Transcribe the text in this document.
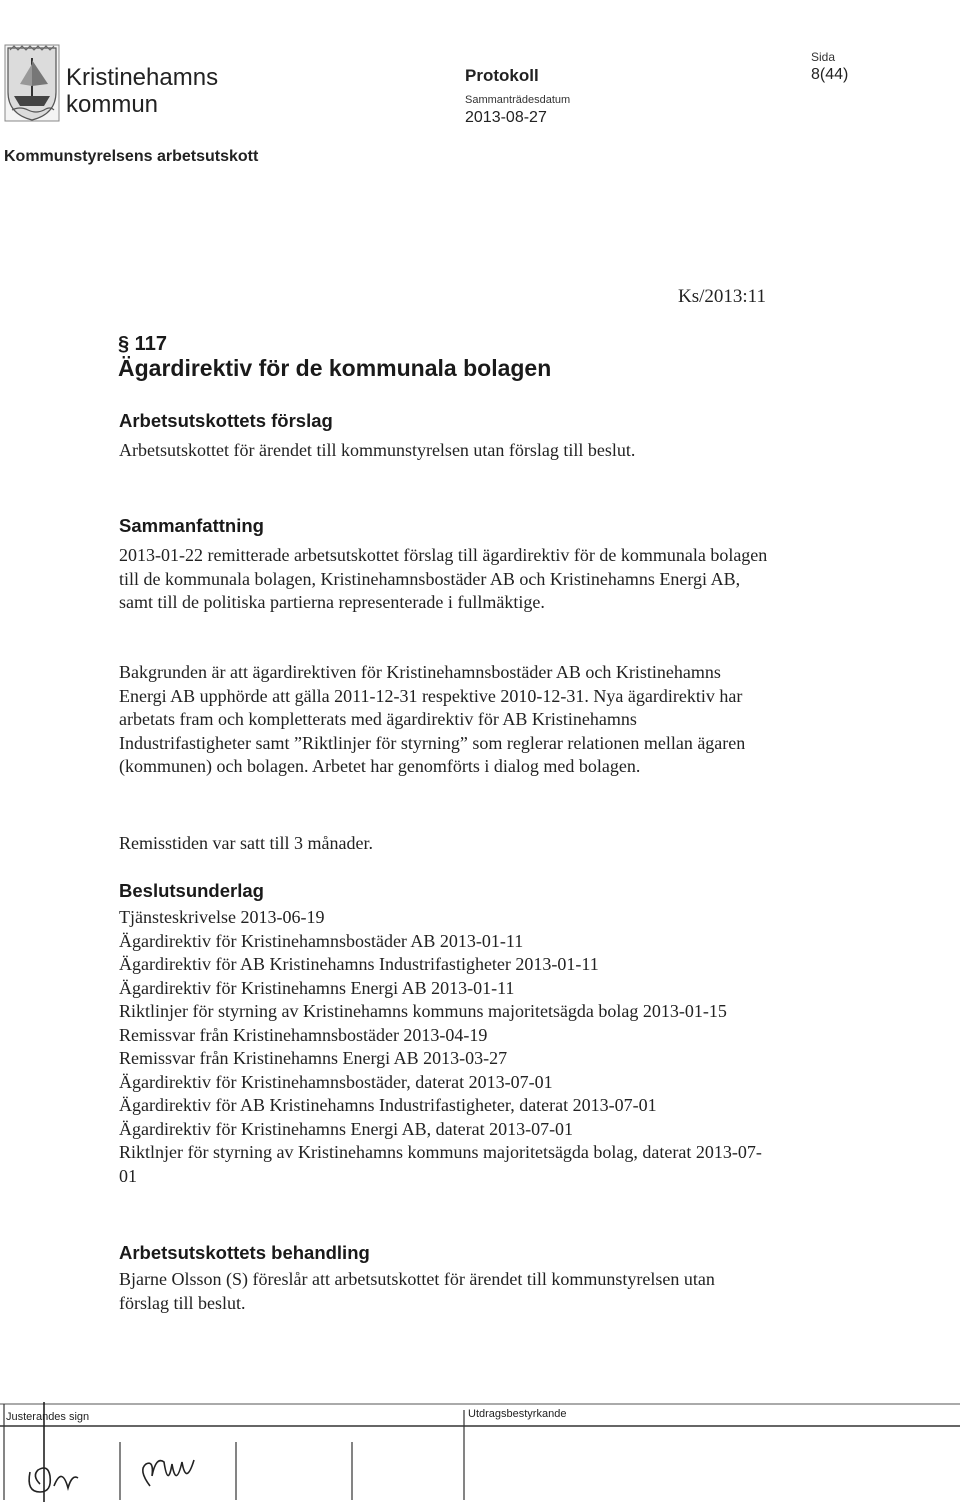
Kristinehamns
kommun
Protokoll
Sammanträdesdatum
2013-08-27
Sida
8(44)
Kommunstyrelsens arbetsutskott
Ks/2013:11
§ 117
Ägardirektiv för de kommunala bolagen
Arbetsutskottets förslag
Arbetsutskottet för ärendet till kommunstyrelsen utan förslag till beslut.
Sammanfattning
2013-01-22 remitterade arbetsutskottet förslag till ägardirektiv för de kommunala bolagen till de kommunala bolagen, Kristinehamnsbostäder AB och Kristinehamns Energi AB, samt till de politiska partierna representerade i fullmäktige.
Bakgrunden är att ägardirektiven för Kristinehamnsbostäder AB och Kristinehamns Energi AB upphörde att gälla 2011-12-31 respektive 2010-12-31. Nya ägardirektiv har arbetats fram och kompletterats med ägardirektiv för AB Kristinehamns Industrifastigheter samt ”Riktlinjer för styrning” som reglerar relationen mellan ägaren (kommunen) och bolagen. Arbetet har genomförts i dialog med bolagen.
Remisstiden var satt till 3 månader.
Beslutsunderlag
Tjänsteskrivelse 2013-06-19
Ägardirektiv för Kristinehamnsbostäder AB 2013-01-11
Ägardirektiv för AB Kristinehamns Industrifastigheter 2013-01-11
Ägardirektiv för Kristinehamns Energi AB 2013-01-11
Riktlinjer för styrning av Kristinehamns kommuns majoritetsägda bolag 2013-01-15
Remissvar från Kristinehamnsbostäder 2013-04-19
Remissvar från Kristinehamns Energi AB 2013-03-27
Ägardirektiv för Kristinehamnsbostäder, daterat 2013-07-01
Ägardirektiv för AB Kristinehamns Industrifastigheter, daterat 2013-07-01
Ägardirektiv för Kristinehamns Energi AB, daterat 2013-07-01
Riktlnjer för styrning av Kristinehamns kommuns majoritetsägda bolag, daterat 2013-07-01
Arbetsutskottets behandling
Bjarne Olsson (S) föreslår att arbetsutskottet för ärendet till kommunstyrelsen utan förslag till beslut.
Justerandes sign	Utdragsbestyrkande
